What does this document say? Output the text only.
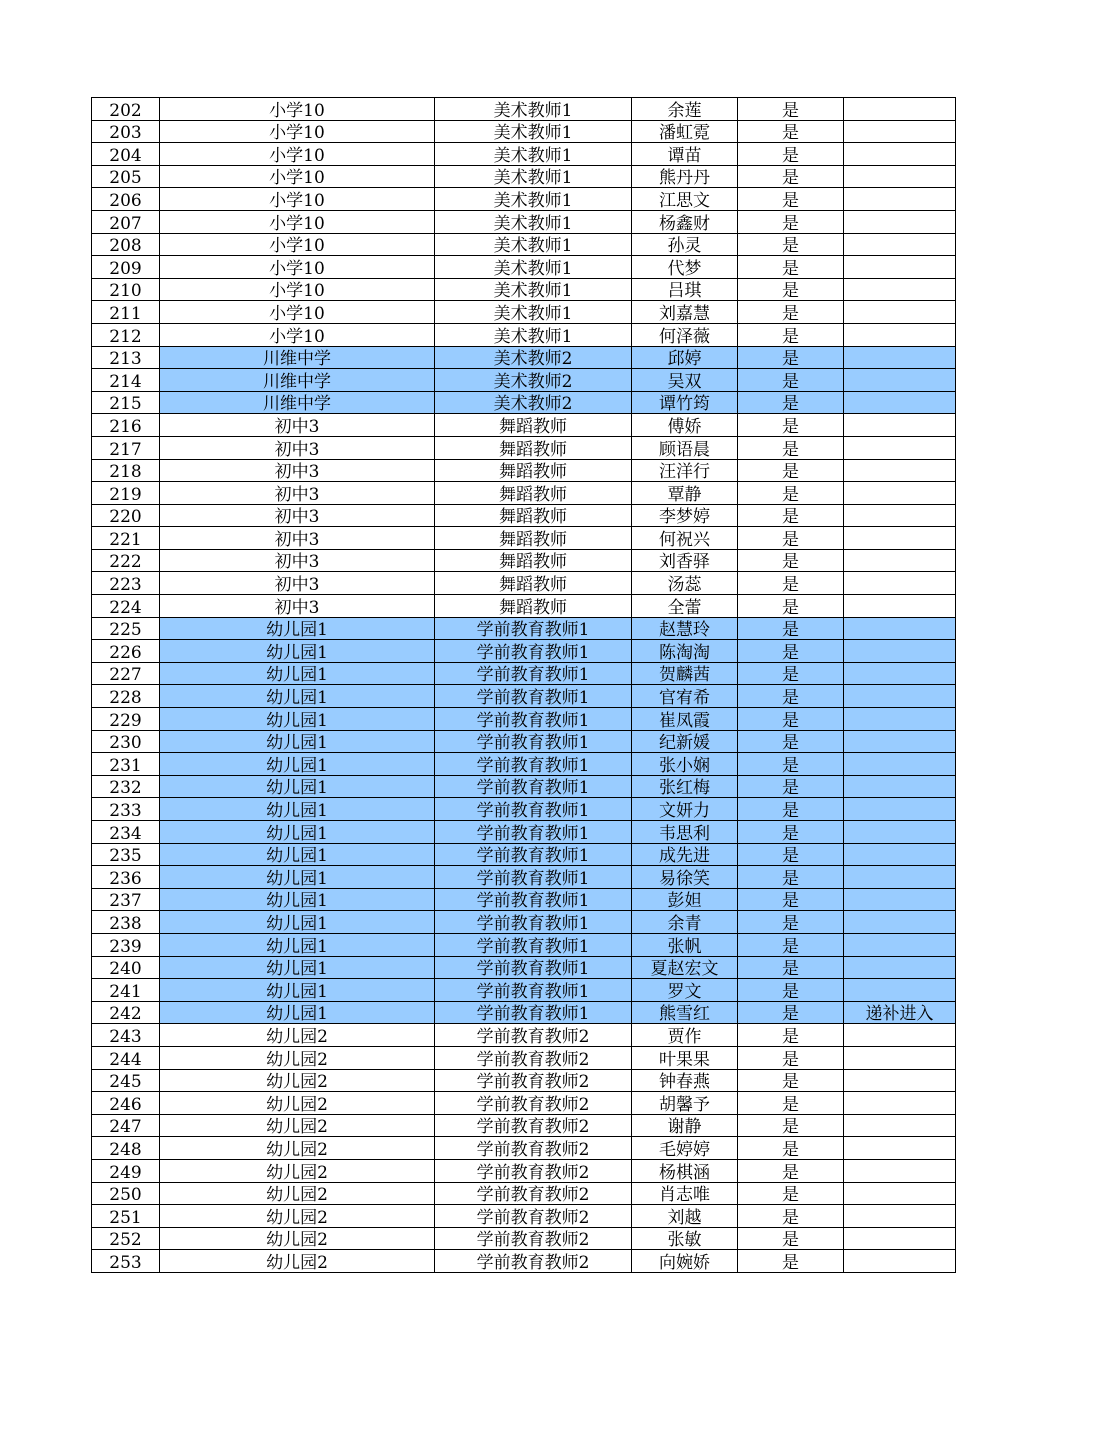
202	小学10	美术教师1	余莲	是	
203	小学10	美术教师1	潘虹霓	是	
204	小学10	美术教师1	谭苗	是	
205	小学10	美术教师1	熊丹丹	是	
206	小学10	美术教师1	江思文	是	
207	小学10	美术教师1	杨鑫财	是	
208	小学10	美术教师1	孙灵	是	
209	小学10	美术教师1	代梦	是	
210	小学10	美术教师1	吕琪	是	
211	小学10	美术教师1	刘嘉慧	是	
212	小学10	美术教师1	何泽薇	是	
213	川维中学	美术教师2	邱婷	是	
214	川维中学	美术教师2	吴双	是	
215	川维中学	美术教师2	谭竹筠	是	
216	初中3	舞蹈教师	傅娇	是	
217	初中3	舞蹈教师	顾语晨	是	
218	初中3	舞蹈教师	汪洋行	是	
219	初中3	舞蹈教师	覃静	是	
220	初中3	舞蹈教师	李梦婷	是	
221	初中3	舞蹈教师	何祝兴	是	
222	初中3	舞蹈教师	刘香驿	是	
223	初中3	舞蹈教师	汤蕊	是	
224	初中3	舞蹈教师	全蕾	是	
225	幼儿园1	学前教育教师1	赵慧玲	是	
226	幼儿园1	学前教育教师1	陈淘淘	是	
227	幼儿园1	学前教育教师1	贺麟茜	是	
228	幼儿园1	学前教育教师1	官宥希	是	
229	幼儿园1	学前教育教师1	崔凤霞	是	
230	幼儿园1	学前教育教师1	纪新媛	是	
231	幼儿园1	学前教育教师1	张小娴	是	
232	幼儿园1	学前教育教师1	张红梅	是	
233	幼儿园1	学前教育教师1	文妍力	是	
234	幼儿园1	学前教育教师1	韦思利	是	
235	幼儿园1	学前教育教师1	成先进	是	
236	幼儿园1	学前教育教师1	易徐笑	是	
237	幼儿园1	学前教育教师1	彭妲	是	
238	幼儿园1	学前教育教师1	余青	是	
239	幼儿园1	学前教育教师1	张帆	是	
240	幼儿园1	学前教育教师1	夏赵宏文	是	
241	幼儿园1	学前教育教师1	罗文	是	
242	幼儿园1	学前教育教师1	熊雪红	是	递补进入
243	幼儿园2	学前教育教师2	贾作	是	
244	幼儿园2	学前教育教师2	叶果果	是	
245	幼儿园2	学前教育教师2	钟春燕	是	
246	幼儿园2	学前教育教师2	胡馨予	是	
247	幼儿园2	学前教育教师2	谢静	是	
248	幼儿园2	学前教育教师2	毛婷婷	是	
249	幼儿园2	学前教育教师2	杨棋涵	是	
250	幼儿园2	学前教育教师2	肖志唯	是	
251	幼儿园2	学前教育教师2	刘越	是	
252	幼儿园2	学前教育教师2	张敏	是	
253	幼儿园2	学前教育教师2	向婉娇	是	
